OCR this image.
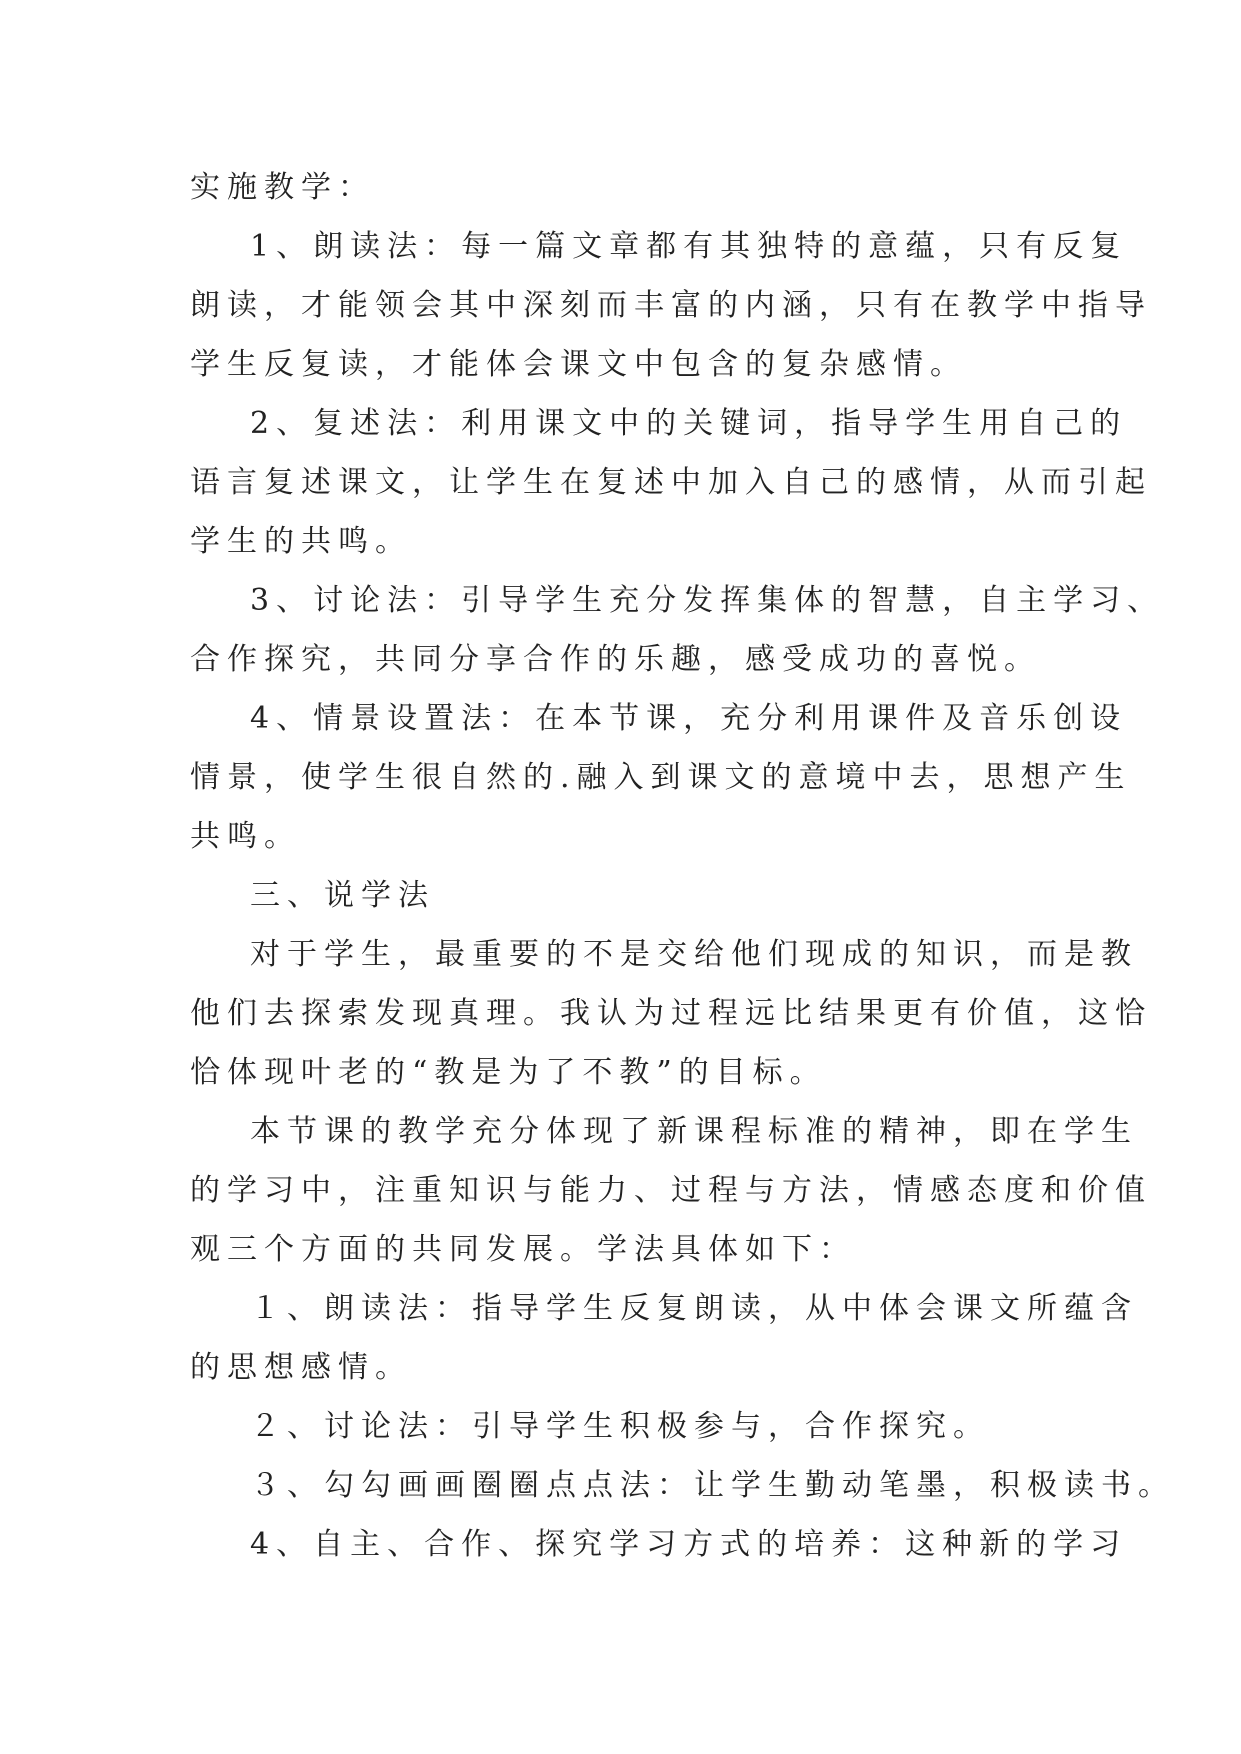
实施教学：
1、朗读法：每一篇文章都有其独特的意蕴，只有反复
朗读，才能领会其中深刻而丰富的内涵，只有在教学中指导
学生反复读，才能体会课文中包含的复杂感情。
2、复述法：利用课文中的关键词，指导学生用自己的
语言复述课文，让学生在复述中加入自己的感情，从而引起
学生的共鸣。
3、讨论法：引导学生充分发挥集体的智慧，自主学习、
合作探究，共同分享合作的乐趣，感受成功的喜悦。
4、情景设置法：在本节课，充分利用课件及音乐创设
情景，使学生很自然的.融入到课文的意境中去，思想产生
共鸣。
三、说学法
对于学生，最重要的不是交给他们现成的知识，而是教
他们去探索发现真理。我认为过程远比结果更有价值，这恰
恰体现叶老的“教是为了不教”的目标。
本节课的教学充分体现了新课程标准的精神，即在学生
的学习中，注重知识与能力、过程与方法，情感态度和价值
观三个方面的共同发展。学法具体如下：
１、朗读法：指导学生反复朗读，从中体会课文所蕴含
的思想感情。
２、讨论法：引导学生积极参与，合作探究。
３、勾勾画画圈圈点点法：让学生勤动笔墨，积极读书。
4、自主、合作、探究学习方式的培养：这种新的学习
